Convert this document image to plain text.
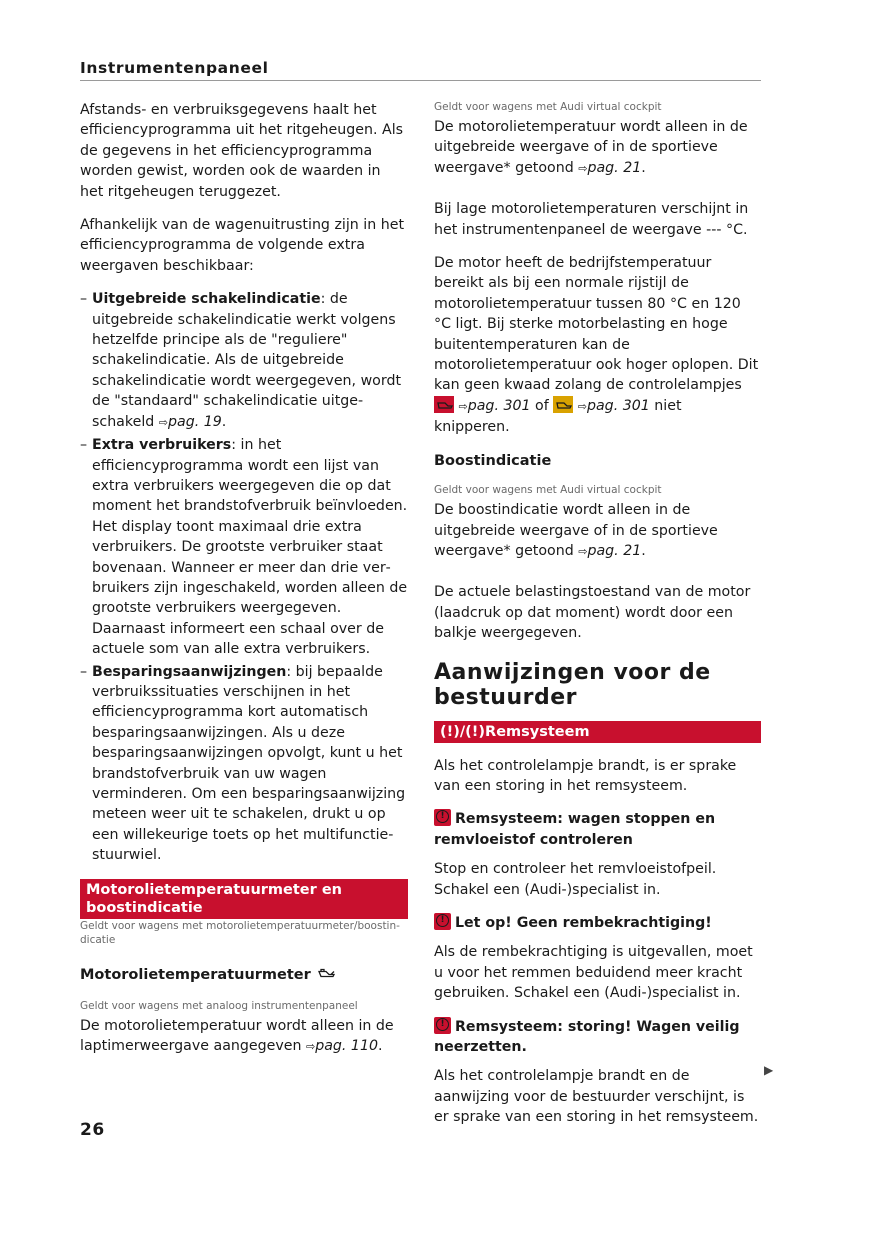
Instrumentenpaneel

Afstands- en verbruiksgegevens haalt het efficiencyprogramma uit het ritgeheugen. Als de gegevens in het efficiencyprogramma worden gewist, worden ook de waarden in het ritgeheugen teruggezet.

Afhankelijk van de wagenuitrusting zijn in het efficiencyprogramma de volgende extra weergaven beschikbaar:

– Uitgebreide schakelindicatie: de uitgebreide schakelindicatie werkt volgens hetzelfde principe als de "reguliere" schakelindicatie. Als de uitgebreide schakelindicatie wordt weergegeven, wordt de "standaard" schakelindicatie uitgeschakeld ⇨pag. 19.
– Extra verbruikers: in het efficiencyprogramma wordt een lijst van extra verbruikers weergegeven die op dat moment het brandstofverbruik beïnvloeden. Het display toont maximaal drie extra verbruikers. De grootste verbruiker staat bovenaan. Wanneer er meer dan drie verbruikers zijn ingeschakeld, worden alleen de grootste verbruikers weergegeven. Daarnaast informeert een schaal over de actuele som van alle extra verbruikers.
– Besparingsaanwijzingen: bij bepaalde verbruikssituaties verschijnen in het efficiencyprogramma kort automatisch besparingsaanwijzingen. Als u deze besparingsaanwijzingen opvolgt, kunt u het brandstofverbruik van uw wagen verminderen. Om een besparingsaanwijzing meteen weer uit te schakelen, drukt u op een willekeurige toets op het multifunctiestuurwiel.
Motorolietemperatuurmeter en boostindicatie
Geldt voor wagens met motorolietemperatuurmeter/boostindicatie
Motorolietemperatuurmeter
Geldt voor wagens met analoog instrumentenpaneel

De motorolietemperatuur wordt alleen in de laptimerweergave aangegeven ⇨pag. 110.

Geldt voor wagens met Audi virtual cockpit

De motorolietemperatuur wordt alleen in de uitgebreide weergave of in de sportieve weergave* getoond ⇨pag. 21.

Bij lage motorolietemperaturen verschijnt in het instrumentenpaneel de weergave --- °C.

De motor heeft de bedrijfstemperatuur bereikt als bij een normale rijstijl de motorolietemperatuur tussen 80 °C en 120 °C ligt. Bij sterke motorbelasting en hoge buitentemperaturen kan de motorolietemperatuur ook hoger oplopen. Dit kan geen kwaad zolang de controlelampjes  ⇨pag. 301 of  ⇨pag. 301 niet knipperen.

Boostindicatie
Geldt voor wagens met Audi virtual cockpit

De boostindicatie wordt alleen in de uitgebreide weergave of in de sportieve weergave* getoond ⇨pag. 21.

De actuele belastingstoestand van de motor (laadcruk op dat moment) wordt door een balkje weergegeven.

Aanwijzingen voor de bestuurder
(!)/(!)Remsysteem

Als het controlelampje brandt, is er sprake van een storing in het remsysteem.

!Remsysteem: wagen stoppen en remvloeistof controleren

Stop en controleer het remvloeistofpeil. Schakel een (Audi-)specialist in.

!Let op! Geen rembekrachtiging!

Als de rembekrachtiging is uitgevallen, moet u voor het remmen beduidend meer kracht gebruiken. Schakel een (Audi-)specialist in.

!Remsysteem: storing! Wagen veilig neerzetten.

Als het controlelampje brandt en de aanwijzing voor de bestuurder verschijnt, is er sprake van een storing in het remsysteem.

▶
26
